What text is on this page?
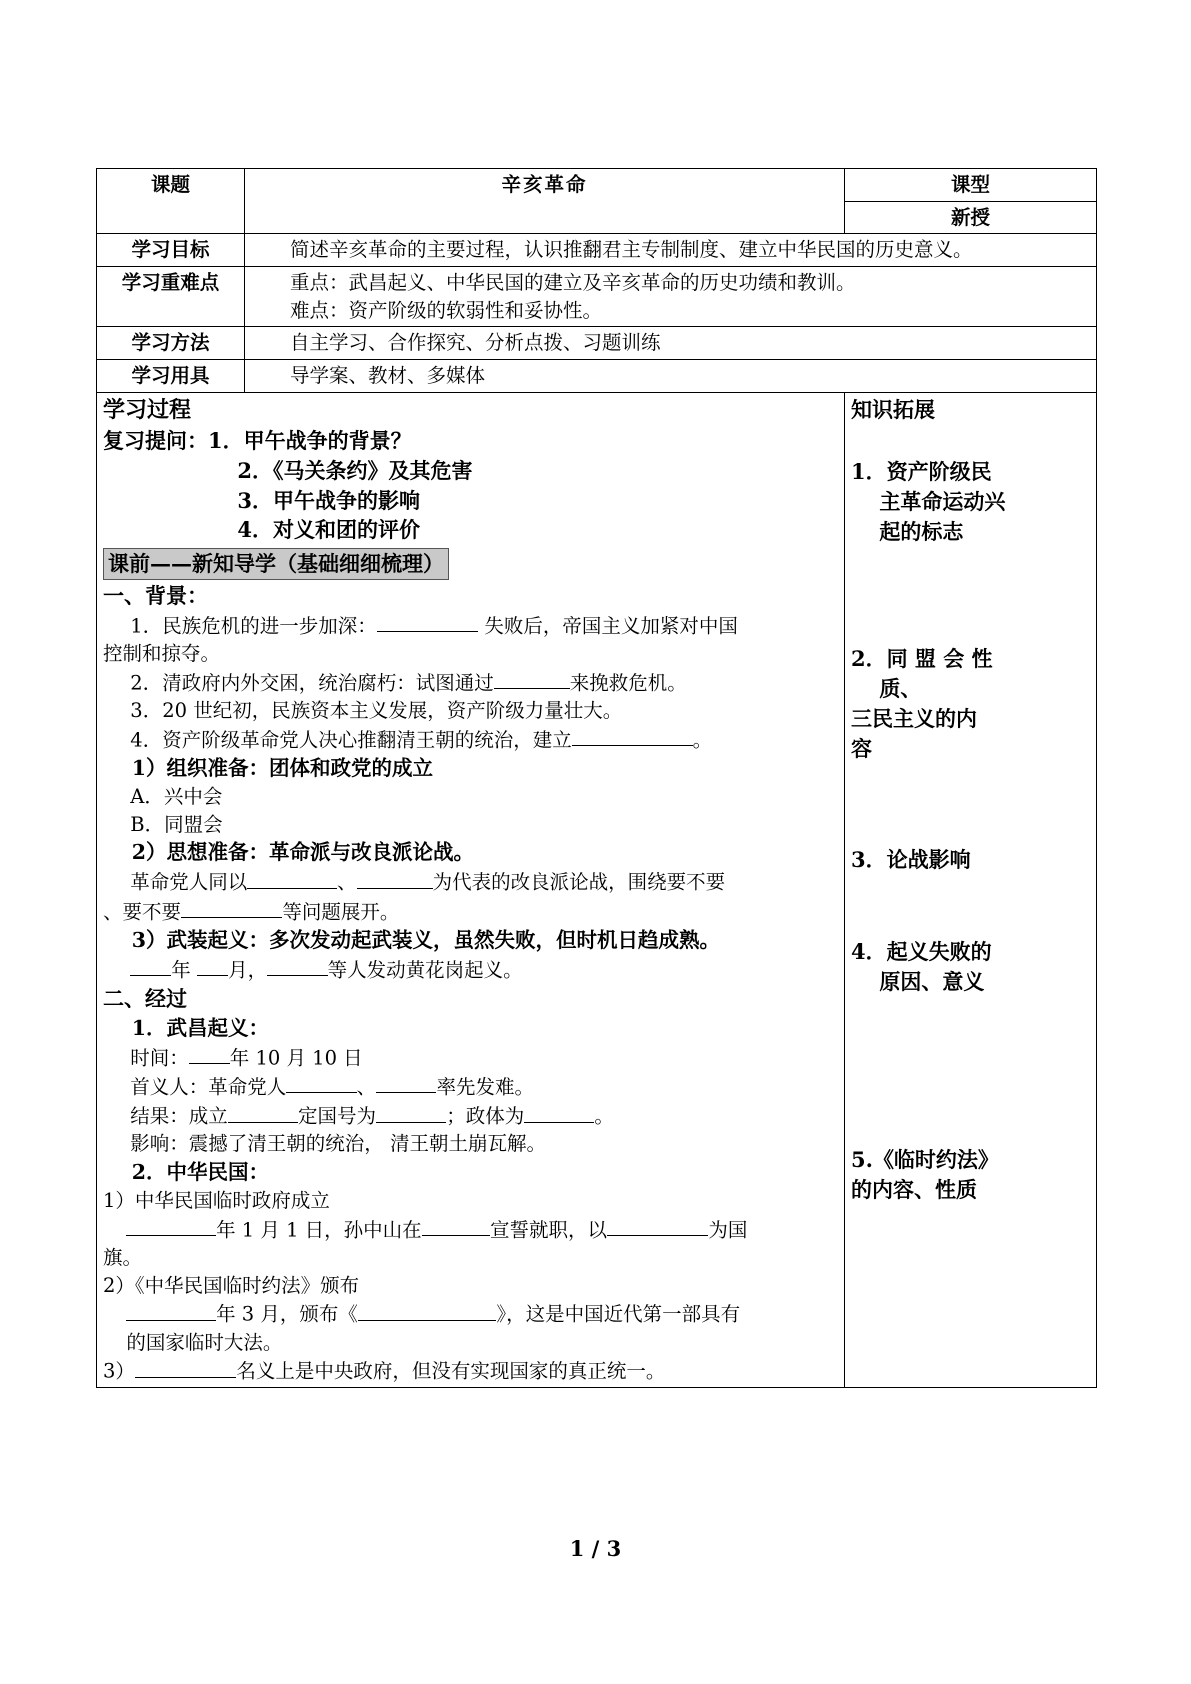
课题	辛亥革命	课型
		新授
学习目标	简述辛亥革命的主要过程，认识推翻君主专制制度、建立中华民国的历史意义。	

学习重难点	重点：武昌起义、中华民国的建立及辛亥革命的历史功绩和教训。

难点：资产阶级的软弱性和妥协性。	

学习方法	自主学习、合作探究、分析点拨、习题训练	

学习用具	导学案、教材、多媒体	

学习过程

复习提问：1．甲午战争的背景？

2．《马关条约》及其危害

3．甲午战争的影响

4．对义和团的评价

课前——新知导学（基础细细梳理）

一、背景：

1．民族危机的进一步加深：	失败后，帝国主义加紧对中国

控制和掠夺。

2．清政府内外交困，统治腐朽：试图通过	来挽救危机。

3．20 世纪初，民族资本主义发展，资产阶级力量壮大。

4．资产阶级革命党人决心推翻清王朝的统治，建立	。

1）组织准备：团体和政党的成立

A．兴中会

B．同盟会

2）思想准备：革命派与改良派论战。

革命党人同以	、	为代表的改良派论战，围绕要不要

、要不要	等问题展开。

3）武装起义：多次发动起武装义，虽然失败，但时机日趋成熟。

年 月，	等人发动黄花岗起义。

二、经过

1．武昌起义：

时间： 年 10 月 10 日

首义人：革命党人	、	率先发难。

结果：成立	定国号为	；政体为	。

影响：震撼了清王朝的统治， 清王朝土崩瓦解。

2．中华民国：

1）中华民国临时政府成立

年 1 月 1 日，孙中山在	宣誓就职，以	为国

旗。

2）《中华民国临时约法》颁布

年 3 月，颁布《	》，这是中国近代第一部具有

的国家临时大法。

3）	名义上是中央政府，但没有实现国家的真正统一。

知识拓展

1．资产阶级民
主革命运动兴
起的标志

2．同 盟 会 性
质、
三民主义的内
容

3．论战影响

4．起义失败的
原因、意义

5.《临时约法》
的内容、性质

1 / 3
